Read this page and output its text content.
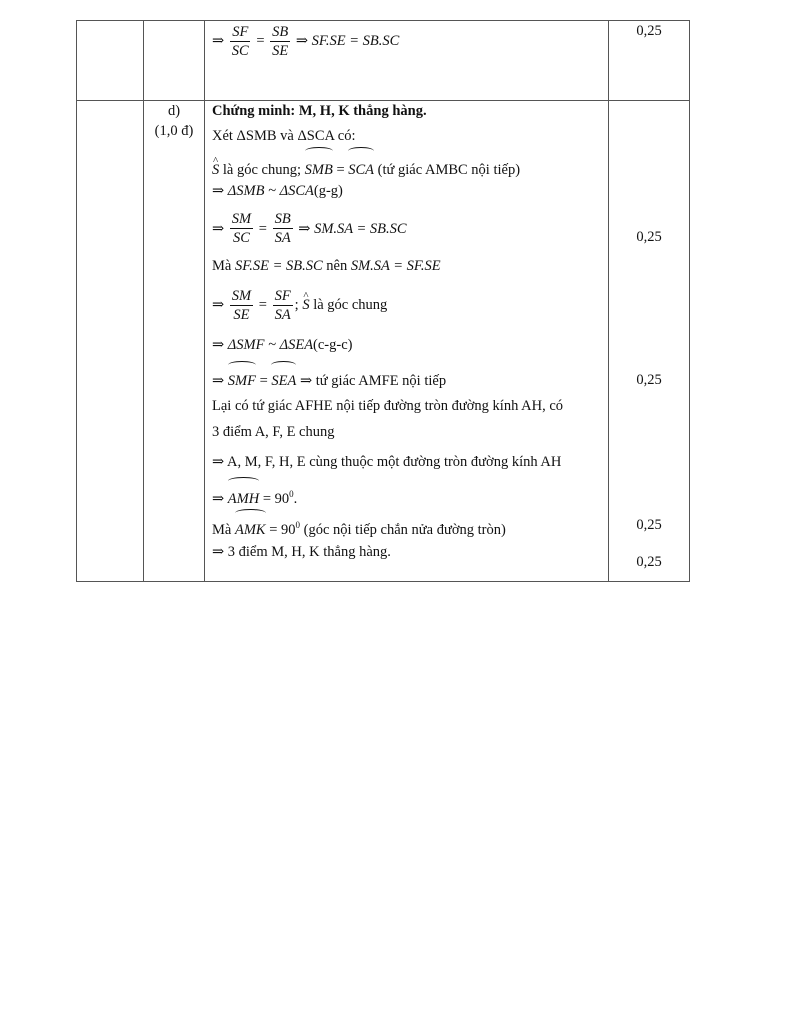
⇒ $\frac{SF}{SC} = \frac{SB}{SE}$ ⇒ SF.SE = SB.SC

0,25

d)
(1,0 đ)

Chứng minh: M, H, K thẳng hàng.
Xét ΔSMB và ΔSCA có:
^ S là góc chung; SMB = SCA (tứ giác AMBC nội tiếp)
⇒ ΔSMB ~ ΔSCA(g-g)
⇒ $\frac{SM}{SC} = \frac{SB}{SA}$ ⇒ SM.SA = SB.SC
Mà SF.SE = SB.SC nên SM.SA = SF.SE
⇒ $\frac{SM}{SE} = \frac{SF}{SA}$ ;
^ S
là góc chung
⇒ ΔSMF ~ ΔSEA(c-g-c)
⇒ SMF = SEA ⇒ tứ giác AMFE nội tiếp
Lại có tứ giác AFHE nội tiếp đường tròn đường kính AH, có
3 điểm A, F, E chung
⇒ A, M, F, H, E cùng thuộc một đường tròn đường kính AH
⇒ AMH = $90^0$.
Mà AMK = $90^0$ (góc nội tiếp chắn nửa đường tròn)
⇒ 3 điểm M, H, K thẳng hàng.

0,25
0,25
0,25
0,25
